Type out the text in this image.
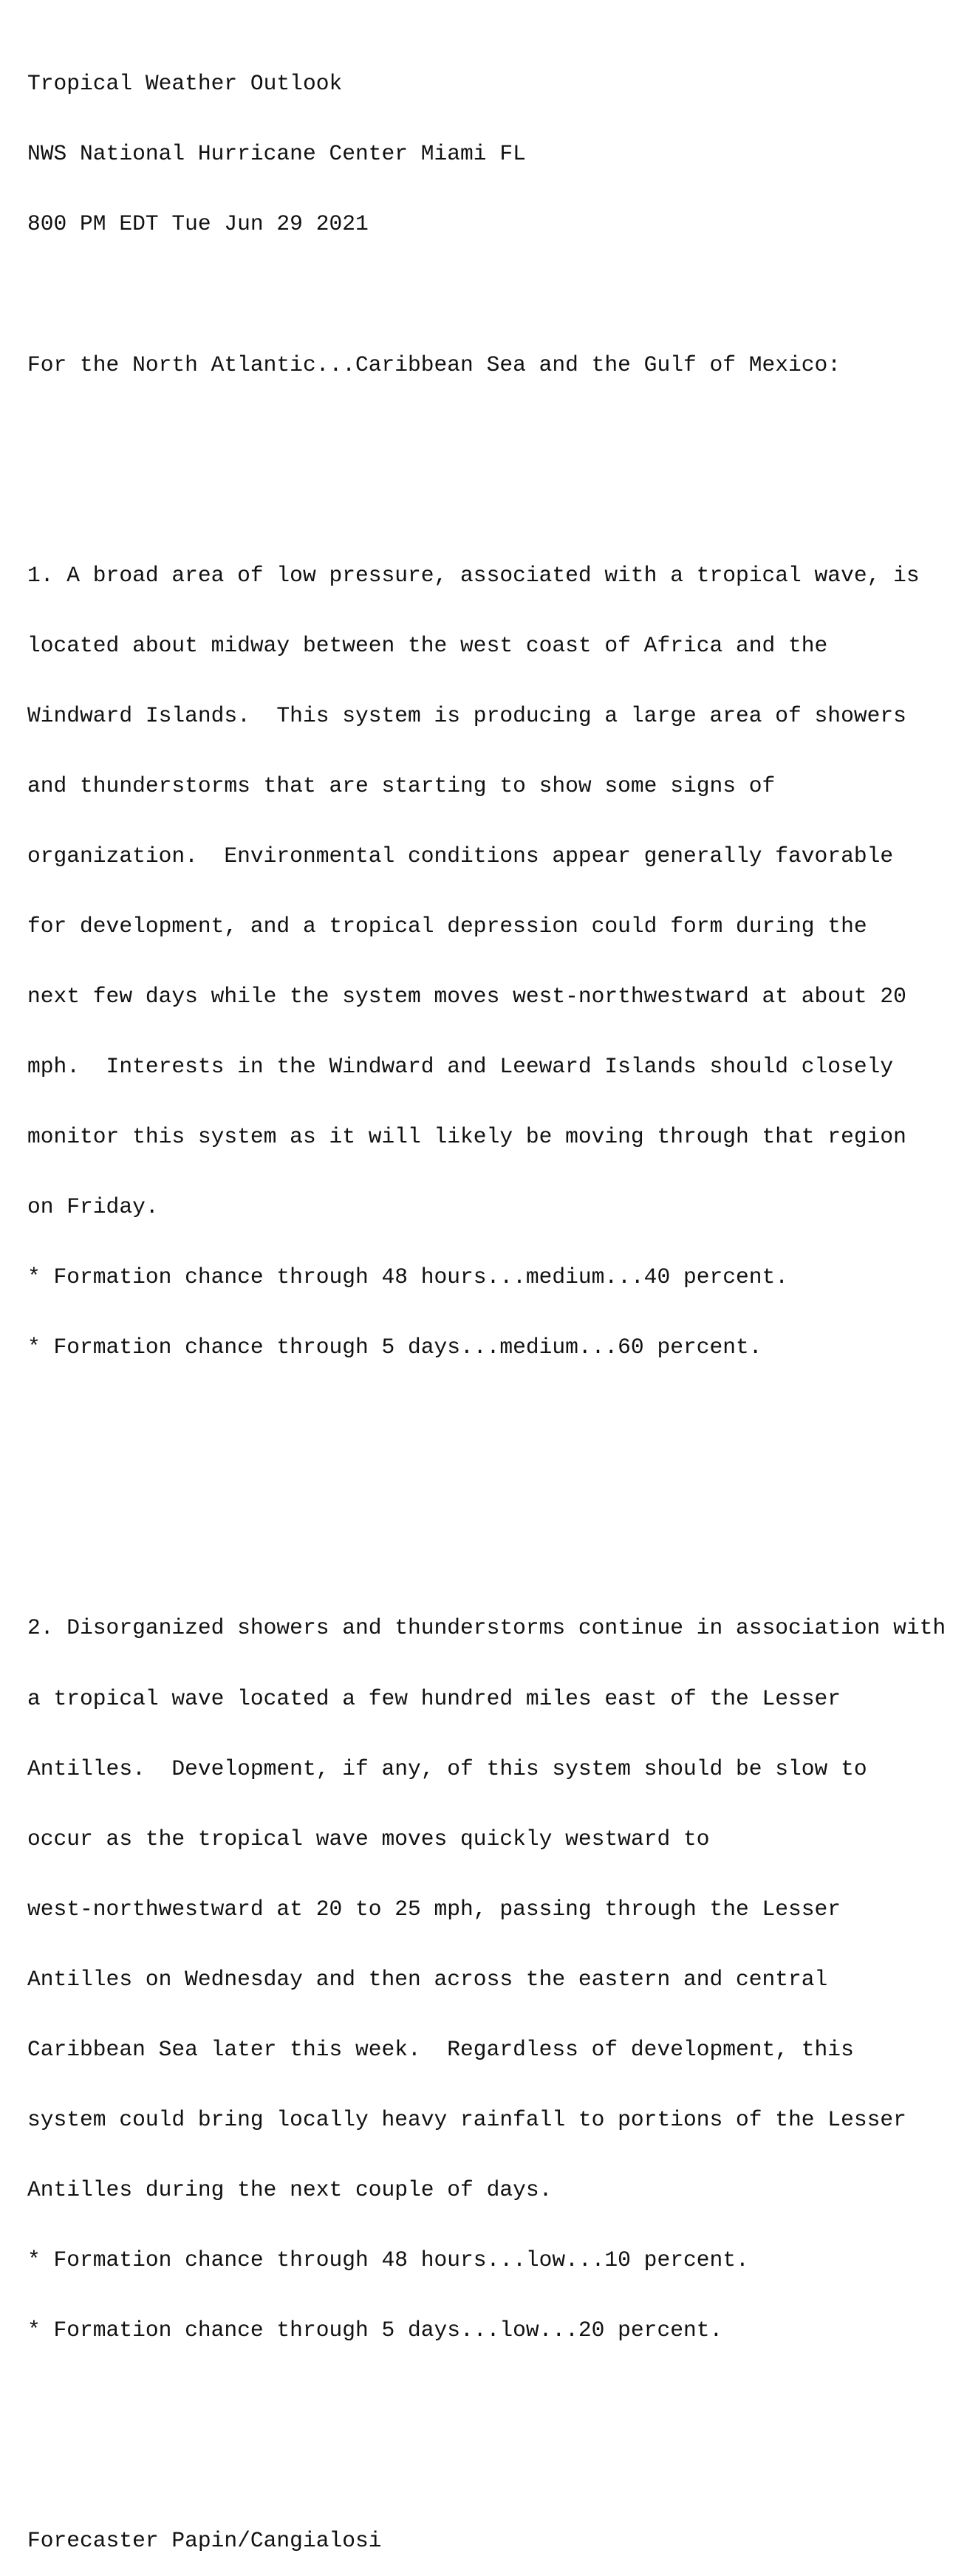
Tropical Weather Outlook

NWS National Hurricane Center Miami FL

800 PM EDT Tue Jun 29 2021

For the North Atlantic...Caribbean Sea and the Gulf of Mexico:

1. A broad area of low pressure, associated with a tropical wave, is

located about midway between the west coast of Africa and the

Windward Islands.  This system is producing a large area of showers

and thunderstorms that are starting to show some signs of

organization.  Environmental conditions appear generally favorable

for development, and a tropical depression could form during the

next few days while the system moves west-northwestward at about 20

mph.  Interests in the Windward and Leeward Islands should closely

monitor this system as it will likely be moving through that region

on Friday.

* Formation chance through 48 hours...medium...40 percent.

* Formation chance through 5 days...medium...60 percent.

2. Disorganized showers and thunderstorms continue in association with

a tropical wave located a few hundred miles east of the Lesser

Antilles.  Development, if any, of this system should be slow to

occur as the tropical wave moves quickly westward to

west-northwestward at 20 to 25 mph, passing through the Lesser

Antilles on Wednesday and then across the eastern and central

Caribbean Sea later this week.  Regardless of development, this

system could bring locally heavy rainfall to portions of the Lesser

Antilles during the next couple of days.

* Formation chance through 48 hours...low...10 percent.

* Formation chance through 5 days...low...20 percent.

Forecaster Papin/Cangialosi
